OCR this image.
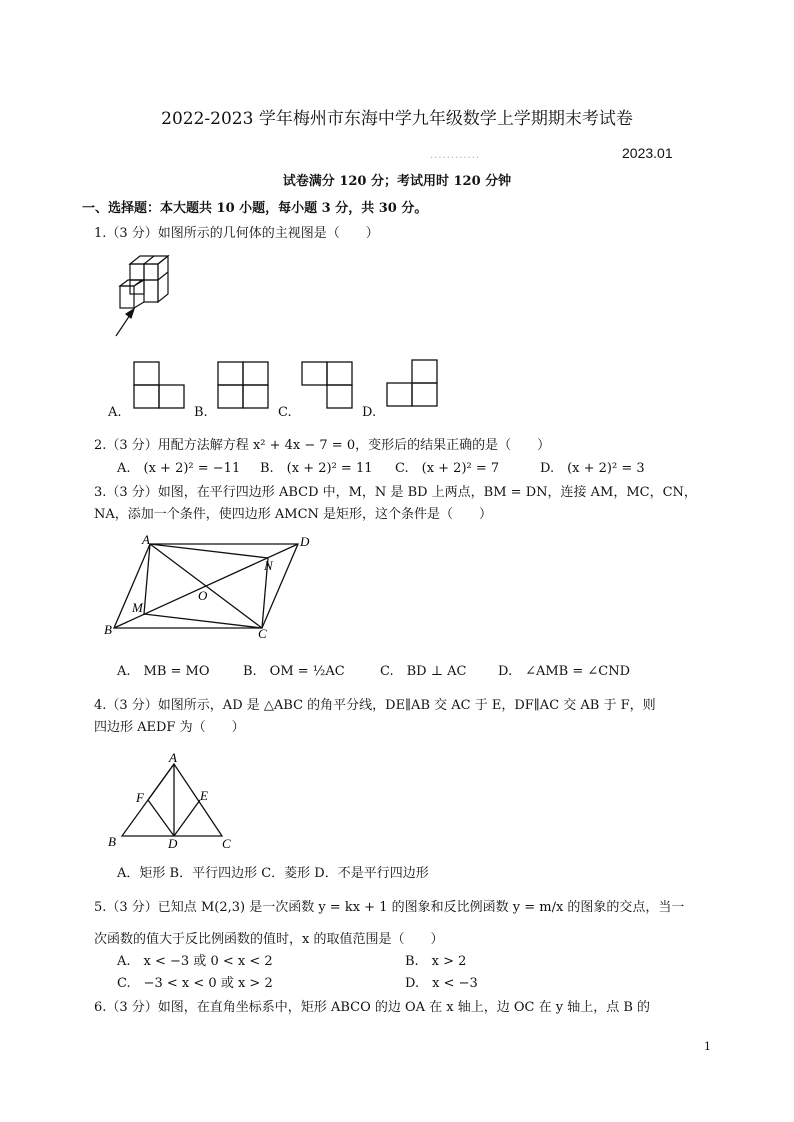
2022-2023 学年梅州市东海中学九年级数学上学期期末考试卷
............	2023.01
试卷满分 120 分；考试用时 120 分钟
一、选择题：本大题共 10 小题，每小题 3 分，共 30 分。
1.（3 分）如图所示的几何体的主视图是（　　）
A.	B.	C.	D.
2.（3 分）用配方法解方程 x² + 4x − 7 = 0，变形后的结果正确的是（　　）
A.　(x + 2)² = −11 B.　(x + 2)² = 11 C.　(x + 2)² = 7	D.　(x + 2)² = 3
3.（3 分）如图，在平行四边形 ABCD 中，M，N 是 BD 上两点，BM = DN，连接 AM，MC，CN，
NA，添加一个条件，使四边形 AMCN 是矩形，这个条件是（　　）
A	D
N
O
M
B	C
A.　MB = MO	B.　OM = ½AC	C.　BD ⊥ AC D.　∠AMB = ∠CND
4.（3 分）如图所示，AD 是 △ABC 的角平分线，DE∥AB 交 AC 于 E，DF∥AC 交 AB 于 F，则
四边形 AEDF 为（　　）
A
F	E
B	D	C
A．矩形 B．平行四边形 C．菱形 D．不是平行四边形
5.（3 分）已知点 M(2,3) 是一次函数 y = kx + 1 的图象和反比例函数 y = m/x 的图象的交点，当一
次函数的值大于反比例函数的值时，x 的取值范围是（　　）
A.　x < −3 或 0 < x < 2	B.　x > 2
C.　−3 < x < 0 或 x > 2	D.　x < −3
6.（3 分）如图，在直角坐标系中，矩形 ABCO 的边 OA 在 x 轴上，边 OC 在 y 轴上，点 B 的
1
